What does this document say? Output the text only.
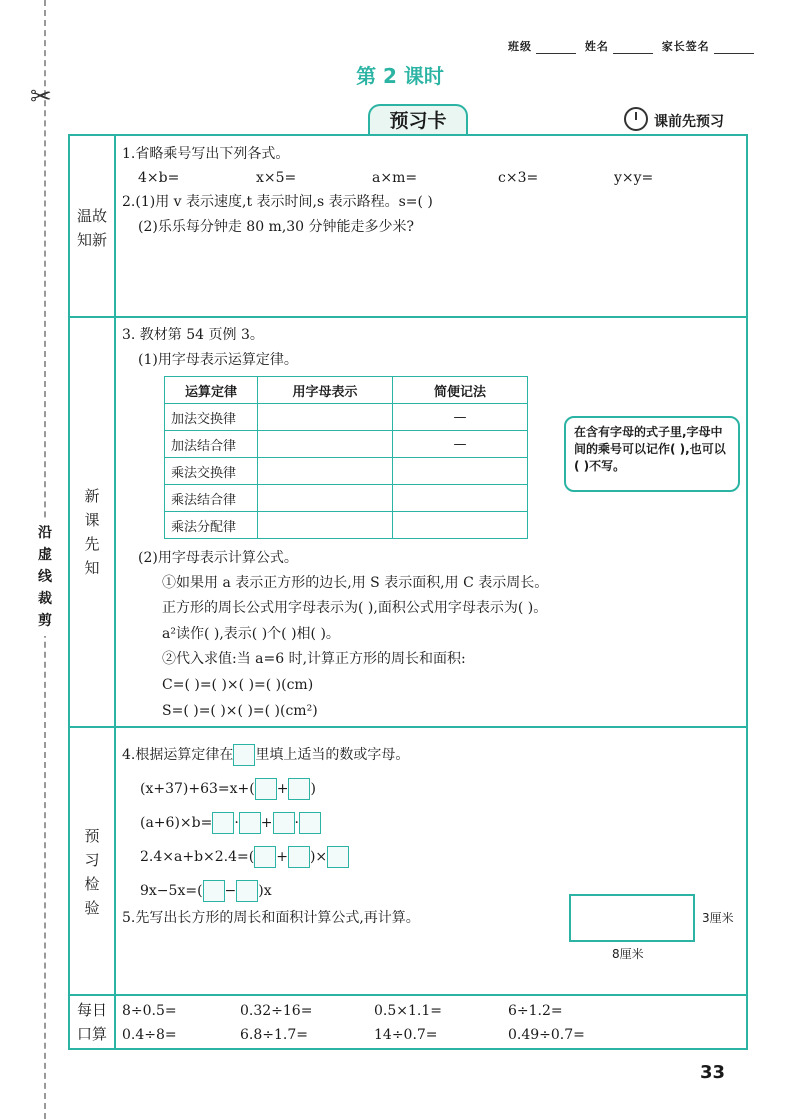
✂
沿虚线裁剪
班级	姓名	家长签名
第 2 课时
预习卡	课前先预习
温故
知新
1.省略乘号写出下列各式。
4×b=	x×5=	a×m=	c×3=	y×y=
2.(1)用 v 表示速度,t 表示时间,s 表示路程。s=( )
(2)乐乐每分钟走 80 m,30 分钟能走多少米?
新
课
先
知
3. 教材第 54 页例 3。
(1)用字母表示运算定律。
运算定律	用字母表示	简便记法
加法交换律		—
加法结合律		—
乘法交换律		
乘法结合律		
乘法分配律		
在含有字母的式子里,字母中间的乘号可以记作( ),也可以( )不写。
(2)用字母表示计算公式。
①如果用 a 表示正方形的边长,用 S 表示面积,用 C 表示周长。
正方形的周长公式用字母表示为( ),面积公式用字母表示为( )。
a²读作( ),表示( )个( )相( )。
②代入求值:当 a=6 时,计算正方形的周长和面积:
C=( )=( )×( )=( )(cm)
S=( )=( )×( )=( )(cm²)
预
习
检
验
4.根据运算定律在 里填上适当的数或字母。
(x+37)+63=x+( + )
(a+6)×b= · + ·
2.4×a+b×2.4=( + )×
9x−5x=( − )x
5.先写出长方形的周长和面积计算公式,再计算。	3厘米
8厘米
每日
口算
8÷0.5=	0.32÷16=	0.5×1.1=	6÷1.2=
0.4÷8=	6.8÷1.7=	14÷0.7=	0.49÷0.7=
33
